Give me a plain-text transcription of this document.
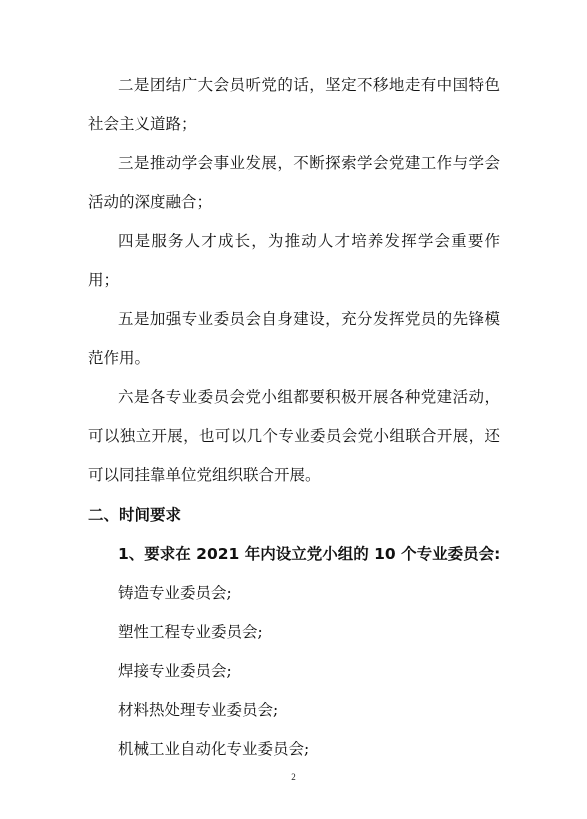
二是团结广大会员听党的话，坚定不移地走有中国特色
社会主义道路；
三是推动学会事业发展，不断探索学会党建工作与学会
活动的深度融合；
四是服务人才成长，为推动人才培养发挥学会重要作
用；
五是加强专业委员会自身建设，充分发挥党员的先锋模
范作用。
六是各专业委员会党小组都要积极开展各种党建活动，
可以独立开展，也可以几个专业委员会党小组联合开展，还
可以同挂靠单位党组织联合开展。
二、时间要求
1、要求在 2021 年内设立党小组的 10 个专业委员会:
铸造专业委员会;
塑性工程专业委员会;
焊接专业委员会;
材料热处理专业委员会;
机械工业自动化专业委员会;
2
